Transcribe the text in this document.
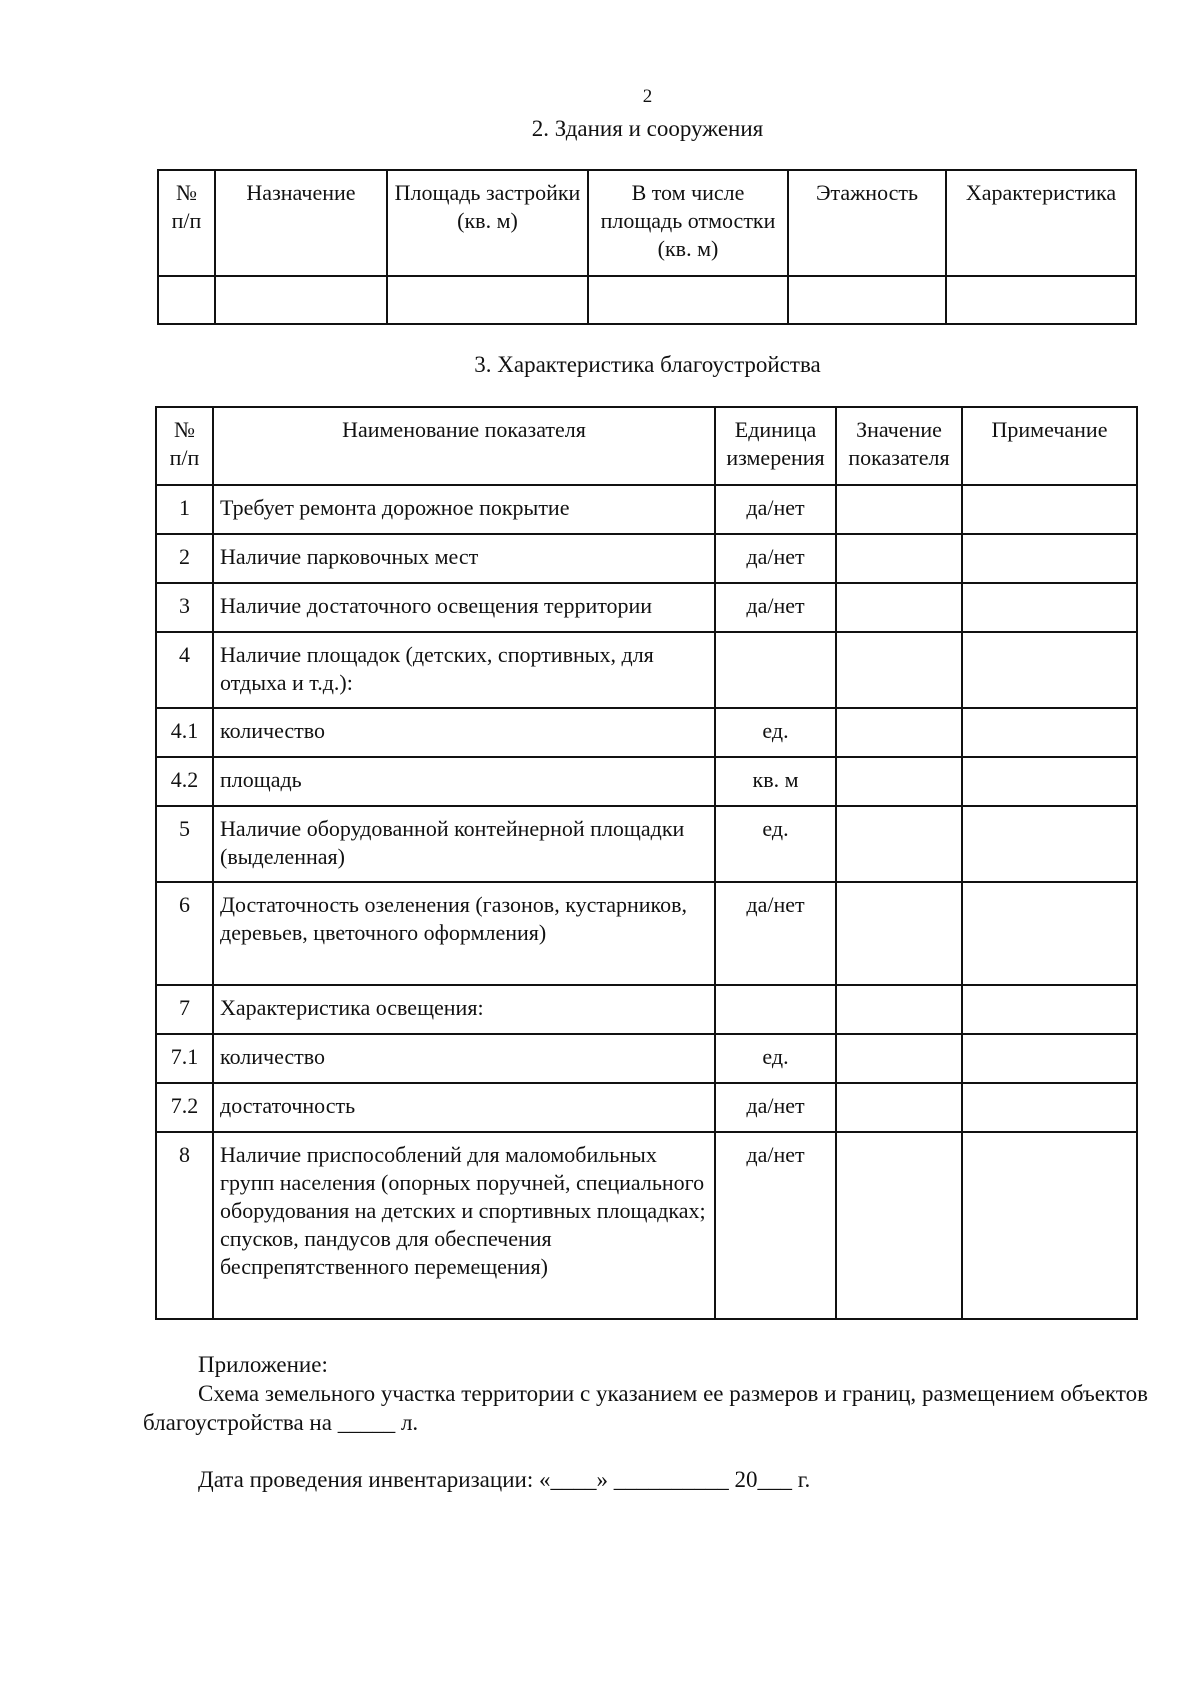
2
2. Здания и сооружения
№ п/п	Назначение	Площадь застройки (кв. м)	В том числе площадь отмостки (кв. м)	Этажность	Характеристика

3. Характеристика благоустройства
№ п/п	Наименование показателя	Единица измерения	Значение показателя	Примечание
1	Требует ремонта дорожное покрытие	да/нет		
2	Наличие парковочных мест	да/нет		
3	Наличие достаточного освещения территории	да/нет		
4	Наличие площадок (детских, спортивных, для отдыха и т.д.):			
4.1	количество	ед.		
4.2	площадь	кв. м		
5	Наличие оборудованной контейнерной площадки (выделенная)	ед.		
6	Достаточность озеленения (газонов, кустарников, деревьев, цветочного оформления)	да/нет		
7	Характеристика освещения:			
7.1	количество	ед.		
7.2	достаточность	да/нет		
8	Наличие приспособлений для маломобильных групп населения (опорных поручней, специального оборудования на детских и спортивных площадках; спусков, пандусов для обеспечения беспрепятственного перемещения)	да/нет		
Приложение:
Схема земельного участка территории с указанием ее размеров и границ, размещением объектов благоустройства на _____ л.
Дата проведения инвентаризации: «____» __________ 20___ г.
